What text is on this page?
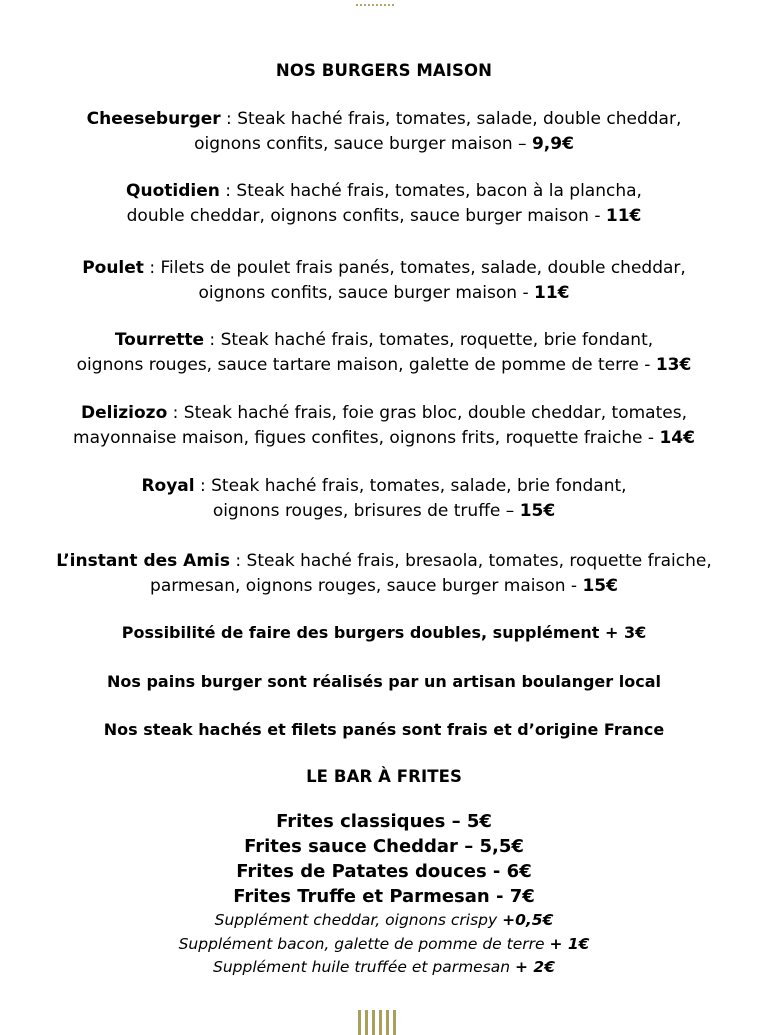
NOS BURGERS MAISON
Cheeseburger : Steak haché frais, tomates, salade, double cheddar,
oignons confits, sauce burger maison – 9,9€
Quotidien : Steak haché frais, tomates, bacon à la plancha,
double cheddar, oignons confits, sauce burger maison - 11€
Poulet : Filets de poulet frais panés, tomates, salade, double cheddar,
oignons confits, sauce burger maison - 11€
Tourrette : Steak haché frais, tomates, roquette, brie fondant,
oignons rouges, sauce tartare maison, galette de pomme de terre - 13€
Deliziozo : Steak haché frais, foie gras bloc, double cheddar, tomates,
mayonnaise maison, figues confites, oignons frits, roquette fraiche - 14€
Royal : Steak haché frais, tomates, salade, brie fondant,
oignons rouges, brisures de truffe – 15€
L’instant des Amis : Steak haché frais, bresaola, tomates, roquette fraiche,
parmesan, oignons rouges, sauce burger maison - 15€
Possibilité de faire des burgers doubles, supplément + 3€
Nos pains burger sont réalisés par un artisan boulanger local
Nos steak hachés et filets panés sont frais et d’origine France
LE BAR À FRITES
Frites classiques – 5€
Frites sauce Cheddar – 5,5€
Frites de Patates douces - 6€
Frites Truffe et Parmesan - 7€
Supplément cheddar, oignons crispy +0,5€
Supplément bacon, galette de pomme de terre + 1€
Supplément huile truffée et parmesan + 2€
